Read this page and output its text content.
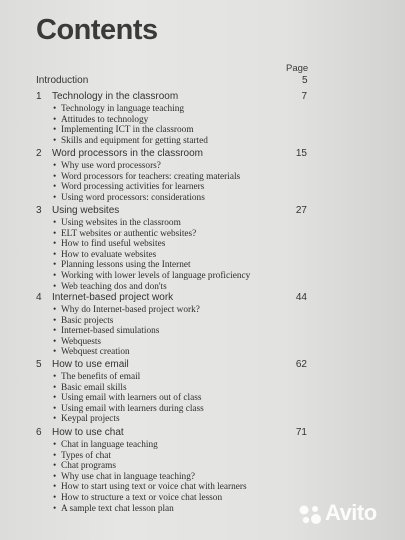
Contents
Page
Introduction	5
1 Technology in the classroom	7
• Technology in language teaching
• Attitudes to technology
• Implementing ICT in the classroom
• Skills and equipment for getting started
2 Word processors in the classroom	15
• Why use word processors?
• Word processors for teachers: creating materials
• Word processing activities for learners
• Using word processors: considerations
3 Using websites	27
• Using websites in the classroom
• ELT websites or authentic websites?
• How to find useful websites
• How to evaluate websites
• Planning lessons using the Internet
• Working with lower levels of language proficiency
• Web teaching dos and don'ts
4 Internet-based project work	44
• Why do Internet-based project work?
• Basic projects
• Internet-based simulations
• Webquests
• Webquest creation
5 How to use email	62
• The benefits of email
• Basic email skills
• Using email with learners out of class
• Using email with learners during class
• Keypal projects
6 How to use chat	71
• Chat in language teaching
• Types of chat
• Chat programs
• Why use chat in language teaching?
• How to start using text or voice chat with learners
• How to structure a text or voice chat lesson
• A sample text chat lesson plan	Avito
